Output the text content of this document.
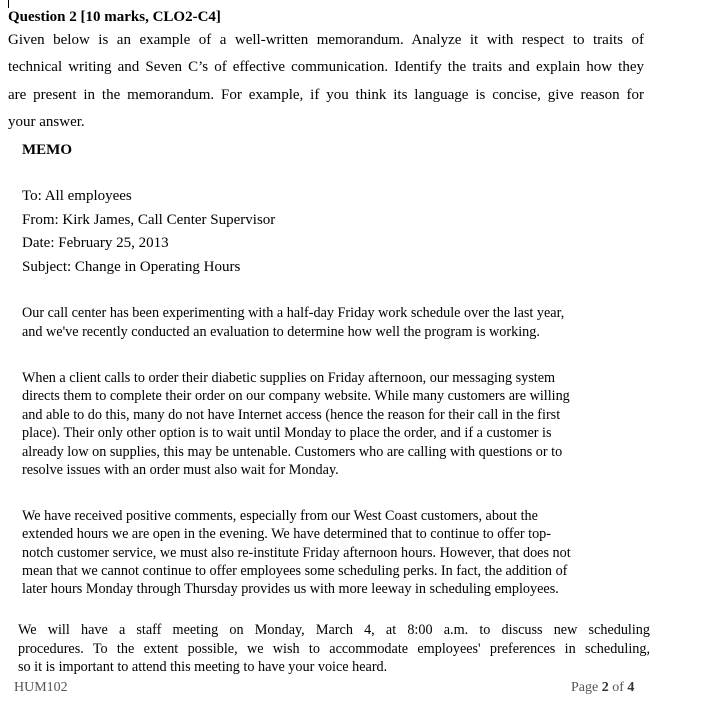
Question 2 [10 marks, CLO2-C4]
Given below is an example of a well-written memorandum. Analyze it with respect to traits of
technical writing and Seven C’s of effective communication. Identify the traits and explain how they
are present in the memorandum. For example, if you think its language is concise, give reason for
your answer.
MEMO
To: All employees
From: Kirk James, Call Center Supervisor
Date: February 25, 2013
Subject: Change in Operating Hours
Our call center has been experimenting with a half-day Friday work schedule over the last year,
and we've recently conducted an evaluation to determine how well the program is working.
When a client calls to order their diabetic supplies on Friday afternoon, our messaging system
directs them to complete their order on our company website. While many customers are willing
and able to do this, many do not have Internet access (hence the reason for their call in the first
place). Their only other option is to wait until Monday to place the order, and if a customer is
already low on supplies, this may be untenable. Customers who are calling with questions or to
resolve issues with an order must also wait for Monday.
We have received positive comments, especially from our West Coast customers, about the
extended hours we are open in the evening. We have determined that to continue to offer top-
notch customer service, we must also re-institute Friday afternoon hours. However, that does not
mean that we cannot continue to offer employees some scheduling perks. In fact, the addition of
later hours Monday through Thursday provides us with more leeway in scheduling employees.
We will have a staff meeting on Monday, March 4, at 8:00 a.m. to discuss new scheduling
procedures. To the extent possible, we wish to accommodate employees' preferences in scheduling,
so it is important to attend this meeting to have your voice heard.
HUM102	Page 2 of 4
